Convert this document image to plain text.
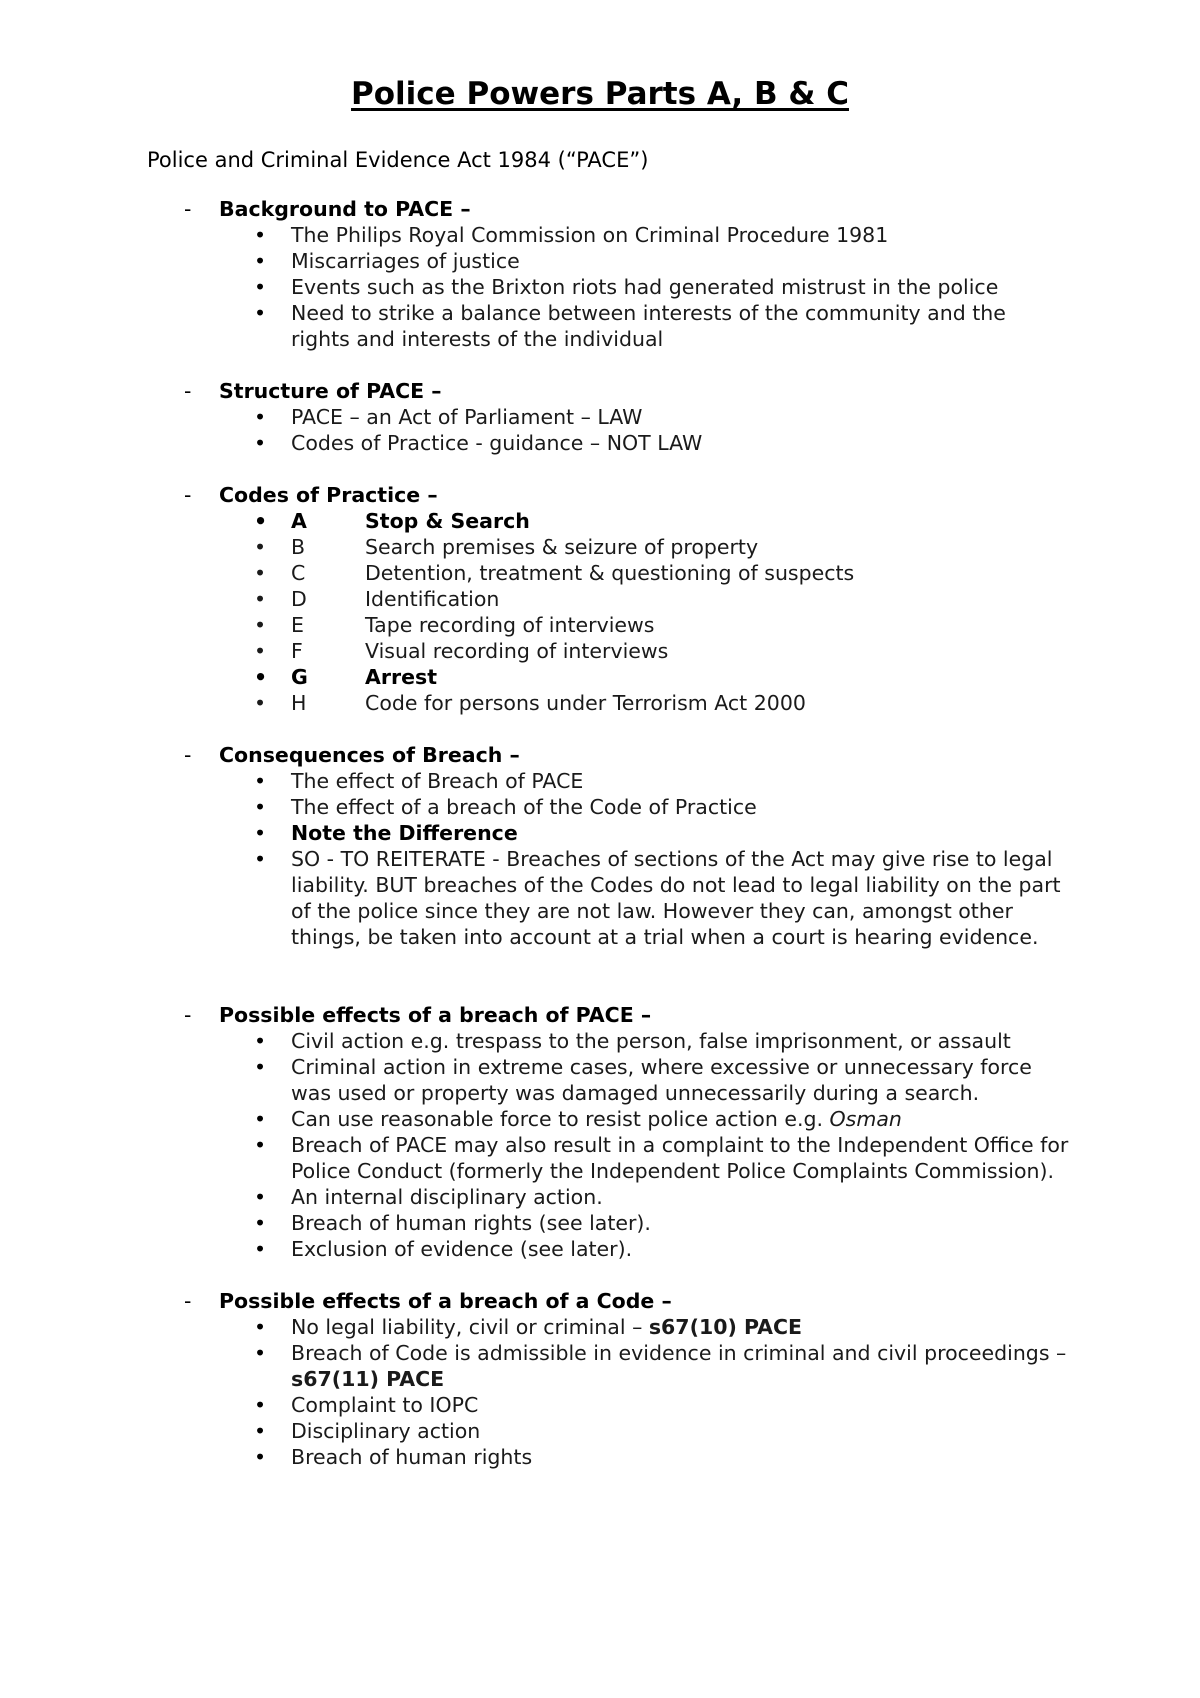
Police Powers Parts A, B & C

Police and Criminal Evidence Act 1984 (“PACE”)

- Background to PACE –
• The Philips Royal Commission on Criminal Procedure 1981
• Miscarriages of justice
• Events such as the Brixton riots had generated mistrust in the police
• Need to strike a balance between interests of the community and the rights and interests of the individual
- Structure of PACE –
• PACE – an Act of Parliament – LAW
• Codes of Practice - guidance – NOT LAW
- Codes of Practice –
• A	Stop & Search
• B	Search premises & seizure of property
• C	Detention, treatment & questioning of suspects
• D	Identification
• E	Tape recording of interviews
• F	Visual recording of interviews
• G	Arrest
• H	Code for persons under Terrorism Act 2000
- Consequences of Breach –
• The effect of Breach of PACE
• The effect of a breach of the Code of Practice
• Note the Difference
• SO - TO REITERATE - Breaches of sections of the Act may give rise to legal liability. BUT breaches of the Codes do not lead to legal liability on the part of the police since they are not law. However they can, amongst other things, be taken into account at a trial when a court is hearing evidence.
- Possible effects of a breach of PACE –
• Civil action e.g. trespass to the person, false imprisonment, or assault
• Criminal action in extreme cases, where excessive or unnecessary force was used or property was damaged unnecessarily during a search.
• Can use reasonable force to resist police action e.g. Osman
• Breach of PACE may also result in a complaint to the Independent Office for Police Conduct (formerly the Independent Police Complaints Commission).
• An internal disciplinary action.
• Breach of human rights (see later).
• Exclusion of evidence (see later).
- Possible effects of a breach of a Code –
• No legal liability, civil or criminal – s67(10) PACE
• Breach of Code is admissible in evidence in criminal and civil proceedings – s67(11) PACE
• Complaint to IOPC
• Disciplinary action
• Breach of human rights
